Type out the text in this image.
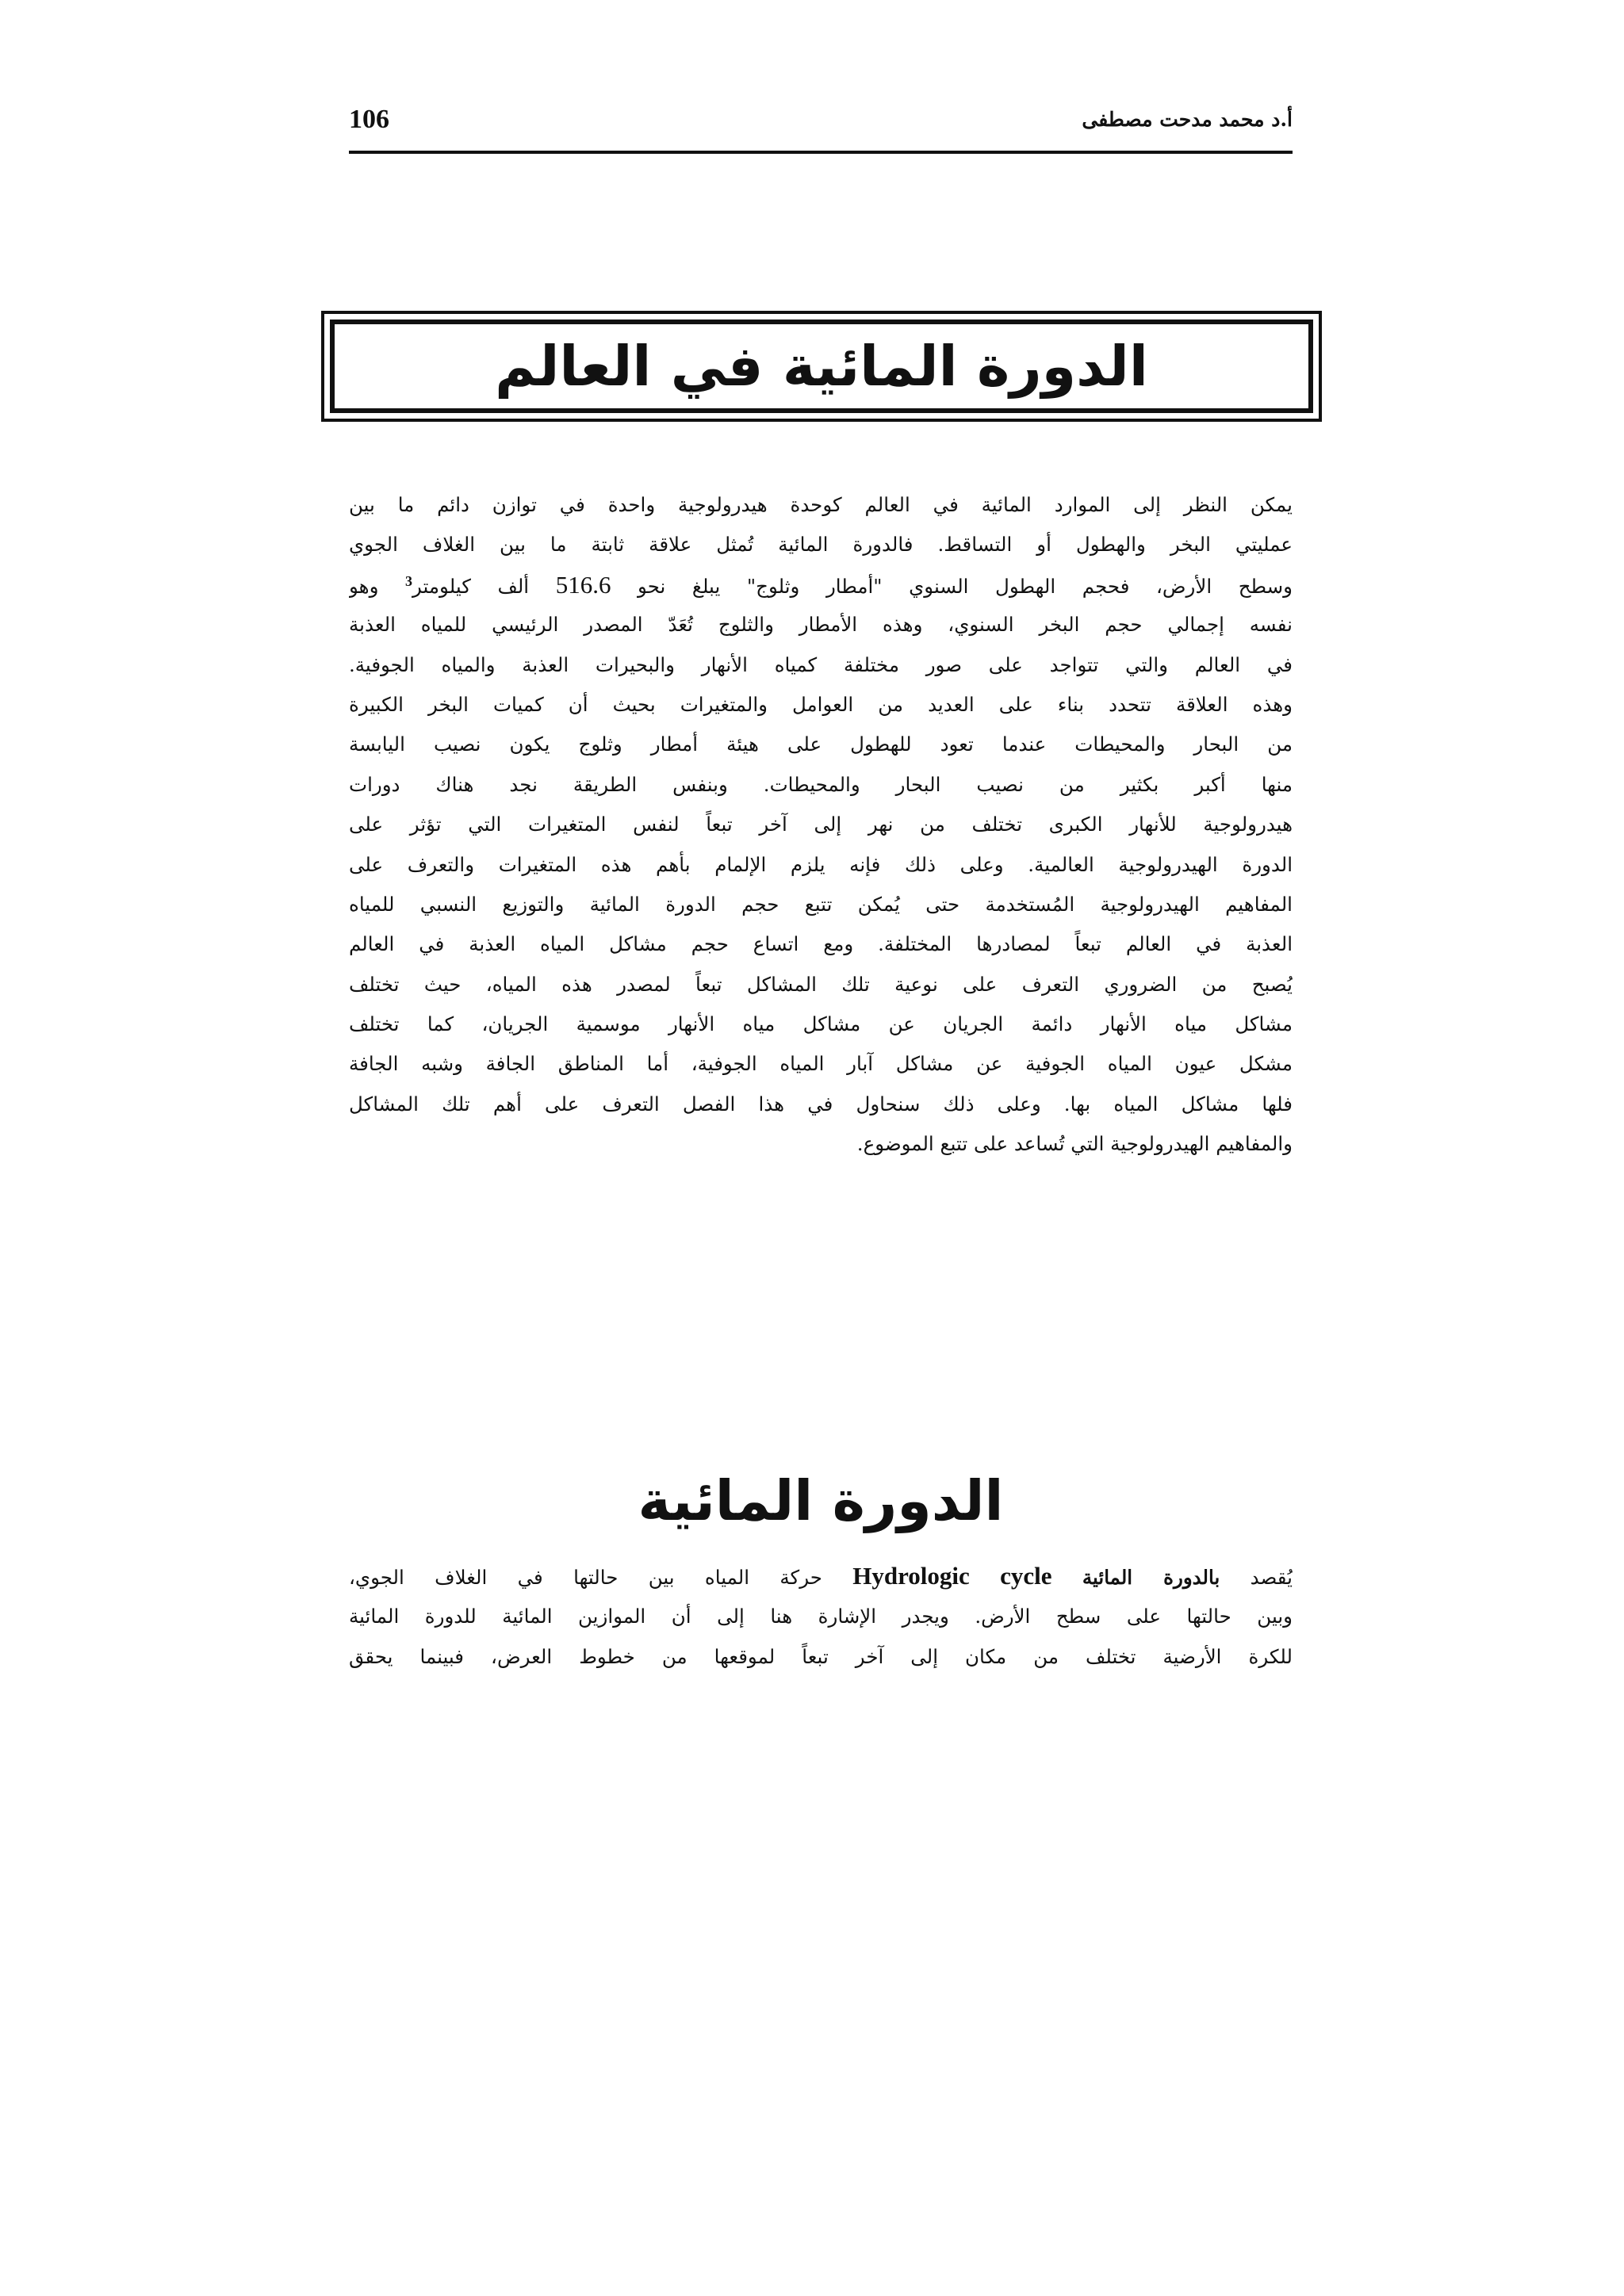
أ.د محمد مدحت مصطفى
106
الدورة المائية في العالم
يمكن النظر إلى الموارد المائية في العالم كوحدة هيدرولوجية واحدة في توازن دائم ما بين
عمليتي البخر والهطول أو التساقط. فالدورة المائية تُمثل علاقة ثابتة ما بين الغلاف الجوي
وسطح الأرض، فحجم الهطول السنوي "أمطار وثلوج" يبلغ نحو 516.6 ألف كيلومتر$^3$ وهو
نفسه إجمالي حجم البخر السنوي، وهذه الأمطار والثلوج تُعَدّ المصدر الرئيسي للمياه العذبة
في العالم والتي تتواجد على صور مختلفة كمياه الأنهار والبحيرات العذبة والمياه الجوفية.
وهذه العلاقة تتحدد بناء على العديد من العوامل والمتغيرات بحيث أن كميات البخر الكبيرة
من البحار والمحيطات عندما تعود للهطول على هيئة أمطار وثلوج يكون نصيب اليابسة
منها أكبر بكثير من نصيب البحار والمحيطات. وبنفس الطريقة نجد هناك دورات
هيدرولوجية للأنهار الكبرى تختلف من نهر إلى آخر تبعاً لنفس المتغيرات التي تؤثر على
الدورة الهيدرولوجية العالمية. وعلى ذلك فإنه يلزم الإلمام بأهم هذه المتغيرات والتعرف على
المفاهيم الهيدرولوجية المُستخدمة حتى يُمكن تتبع حجم الدورة المائية والتوزيع النسبي للمياه
العذبة في العالم تبعاً لمصادرها المختلفة. ومع اتساع حجم مشاكل المياه العذبة في العالم
يُصبح من الضروري التعرف على نوعية تلك المشاكل تبعاً لمصدر هذه المياه، حيث تختلف
مشاكل مياه الأنهار دائمة الجريان عن مشاكل مياه الأنهار موسمية الجريان، كما تختلف
مشكل عيون المياه الجوفية عن مشاكل آبار المياه الجوفية، أما المناطق الجافة وشبه الجافة
فلها مشاكل المياه بها. وعلى ذلك سنحاول في هذا الفصل التعرف على أهم تلك المشاكل
والمفاهيم الهيدرولوجية التي تُساعد على تتبع الموضوع.
الدورة المائية
يُقصد بالدورة المائية Hydrologic cycle حركة المياه بين حالتها في الغلاف الجوي،
وبين حالتها على سطح الأرض. ويجدر الإشارة هنا إلى أن الموازين المائية للدورة المائية
للكرة الأرضية تختلف من مكان إلى آخر تبعاً لموقعها من خطوط العرض، فبينما يحقق
